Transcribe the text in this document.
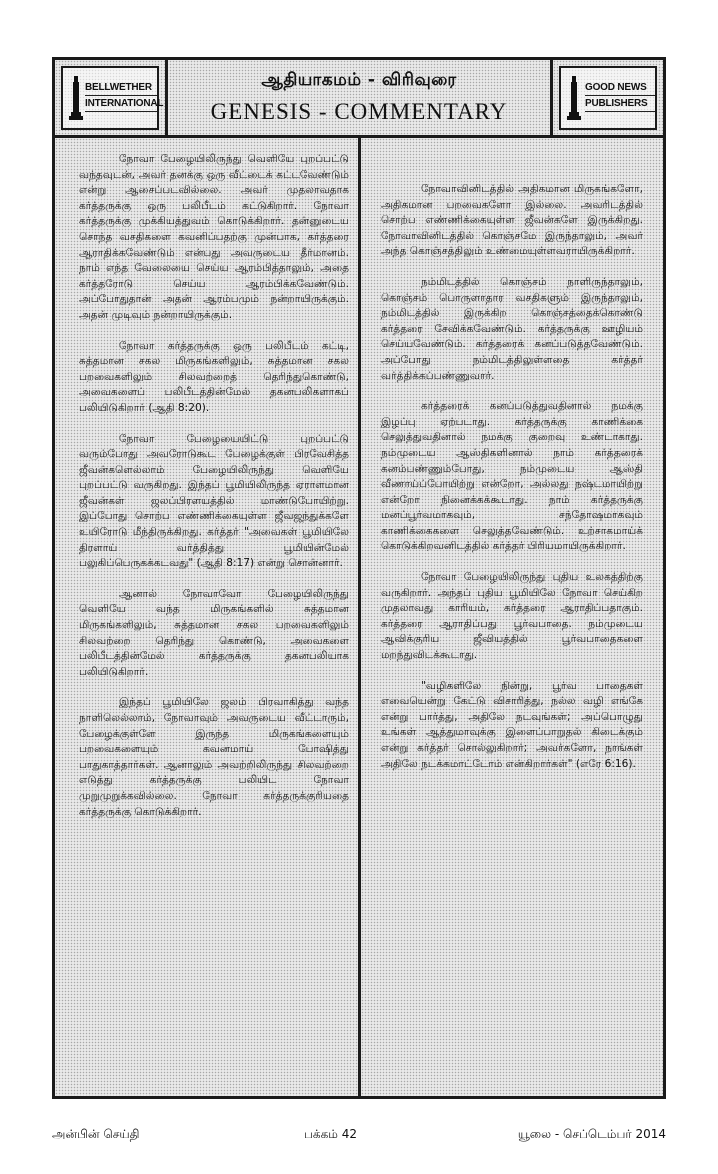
BELLWETHER
INTERNATIONAL
ஆதியாகமம் - விரிவுரை
GENESIS - COMMENTARY
GOOD NEWS
PUBLISHERS

நோவா பேழையிலிருந்து வெளியே புறப்பட்டு வந்தவுடன், அவர் தனக்கு ஒரு வீட்டைக் கட்டவேண்டும் என்று ஆசைப்படவில்லை. அவர் முதலாவதாக கர்த்தருக்கு ஒரு பலிபீடம் கட்டுகிறார். நோவா கர்த்தருக்கு முக்கியத்துவம் கொடுக்கிறார். தன்னுடைய சொந்த வசதிகளை கவனிப்பதற்கு முன்பாக, கர்த்தரை ஆராதிக்கவேண்டும் என்பது அவருடைய தீர்மானம். நாம் எந்த வேலையை செய்ய ஆரம்பித்தாலும், அதை கர்த்தரோடு செய்ய ஆரம்பிக்கவேண்டும். அப்போதுதான் அதன் ஆரம்பமும் நன்றாயிருக்கும். அதன் முடிவும் நன்றாயிருக்கும்.

நோவா கர்த்தருக்கு ஒரு பலிபீடம் கட்டி, சுத்தமான சகல மிருகங்களிலும், சுத்தமான சகல பறவைகளிலும் சிலவற்றைத் தெரிந்துகொண்டு, அவைகளைப் பலிபீடத்தின்மேல் தகனபலிகளாகப் பலியிடுகிறார் (ஆதி 8:20).

நோவா பேழையையிட்டு புறப்பட்டு வரும்போது அவரோடுகூட பேழைக்குள் பிரவேசித்த ஜீவன்களெல்லாம் பேழையிலிருந்து வெளியே புறப்பட்டு வருகிறது. இந்தப் பூமியிலிருந்த ஏராளமான ஜீவன்கள் ஜலப்பிரளயத்தில் மாண்டுபோயிற்று. இப்போது சொற்ப எண்ணிக்கையுள்ள ஜீவஜந்துக்களே உயிரோடு மீந்திருக்கிறது. கர்த்தர் "அவைகள் பூமியிலே திரளாய் வர்த்தித்து பூமியின்மேல் பலுகிப்பெருகக்கடவது" (ஆதி 8:17) என்று சொன்னார்.

ஆனால் நோவாவோ பேழையிலிருந்து வெளியே வந்த மிருகங்களில் சுத்தமான மிருகங்களிலும், சுத்தமான சகல பறவைகளிலும் சிலவற்றை தெரிந்து கொண்டு, அவைகளை பலிபீடத்தின்மேல் கர்த்தருக்கு தகனபலியாக பலியிடுகிறார்.

இந்தப் பூமியிலே ஜலம் பிரவாகித்து வந்த நாளிலெல்லாம், நோவாவும் அவருடைய வீட்டாரும், பேழைக்குள்ளே இருந்த மிருகங்களையும் பறவைகளையும் கவனமாய் போஷித்து பாதுகாத்தார்கள். ஆனாலும் அவற்றிலிருந்து சிலவற்றை எடுத்து கர்த்தருக்கு பலியிட நோவா முறுமுறுக்கவில்லை. நோவா கர்த்தருக்குரியதை கர்த்தருக்கு கொடுக்கிறார்.

நோவாவினிடத்தில் அதிகமான மிருகங்களோ, அதிகமான பறவைகளோ இல்லை. அவரிடத்தில் சொற்ப எண்ணிக்கையுள்ள ஜீவன்களே இருக்கிறது. நோவாவினிடத்தில் கொஞ்சமே இருந்தாலும், அவர் அந்த கொஞ்சத்திலும் உண்மையுள்ளவராயிருக்கிறார்.

நம்மிடத்தில் கொஞ்சம் நாளிருந்தாலும், கொஞ்சம் பொருளாதார வசதிகளும் இருந்தாலும், நம்மிடத்தில் இருக்கிற கொஞ்சத்தைக்கொண்டு கர்த்தரை சேவிக்கவேண்டும். கர்த்தருக்கு ஊழியம் செய்யவேண்டும். கர்த்தரைக் கனப்படுத்தவேண்டும். அப்போது நம்மிடத்திலுள்ளதை கர்த்தர் வர்த்திக்கப்பண்ணுவார்.

கர்த்தரைக் கனப்படுத்துவதினால் நமக்கு இழப்பு ஏற்படாது. கர்த்தருக்கு காணிக்கை செலுத்துவதினால் நமக்கு குறைவு உண்டாகாது. நம்முடைய ஆஸ்திகளினால் நாம் கர்த்தரைக் கனம்பண்ணும்போது, நம்முடைய ஆஸ்தி வீணாய்ப்போயிற்று என்றோ, அல்லது நஷ்டமாயிற்று என்றோ நினைக்கக்கூடாது. நாம் கர்த்தருக்கு மனப்பூர்வமாகவும், சந்தோஷமாகவும் காணிக்கைகளை செலுத்தவேண்டும். உற்சாகமாய்க் கொடுக்கிறவனிடத்தில் கர்த்தர் பிரியமாயிருக்கிறார்.

நோவா பேழையிலிருந்து புதிய உலகத்திற்கு வருகிறார். அந்தப் புதிய பூமியிலே நோவா செய்கிற முதலாவது காரியம், கர்த்தரை ஆராதிப்பதாகும். கர்த்தரை ஆராதிப்பது பூர்வபாதை. நம்முடைய ஆவிக்குரிய ஜீவியத்தில் பூர்வபாதைகளை மறந்துவிடக்கூடாது.

"வழிகளிலே நின்று, பூர்வ பாதைகள் எவையென்று கேட்டு விசாரித்து, நல்ல வழி எங்கே என்று பார்த்து, அதிலே நடவுங்கள்; அப்பொழுது உங்கள் ஆத்துமாவுக்கு இளைப்பாறுதல் கிடைக்கும் என்று கர்த்தர் சொல்லுகிறார்; அவர்களோ, நாங்கள் அதிலே நடக்கமாட்டோம் என்கிறார்கள்" (எரே 6:16).

அன்பின் செய்தி	பக்கம் 42	யூலை - செப்டெம்பர் 2014
